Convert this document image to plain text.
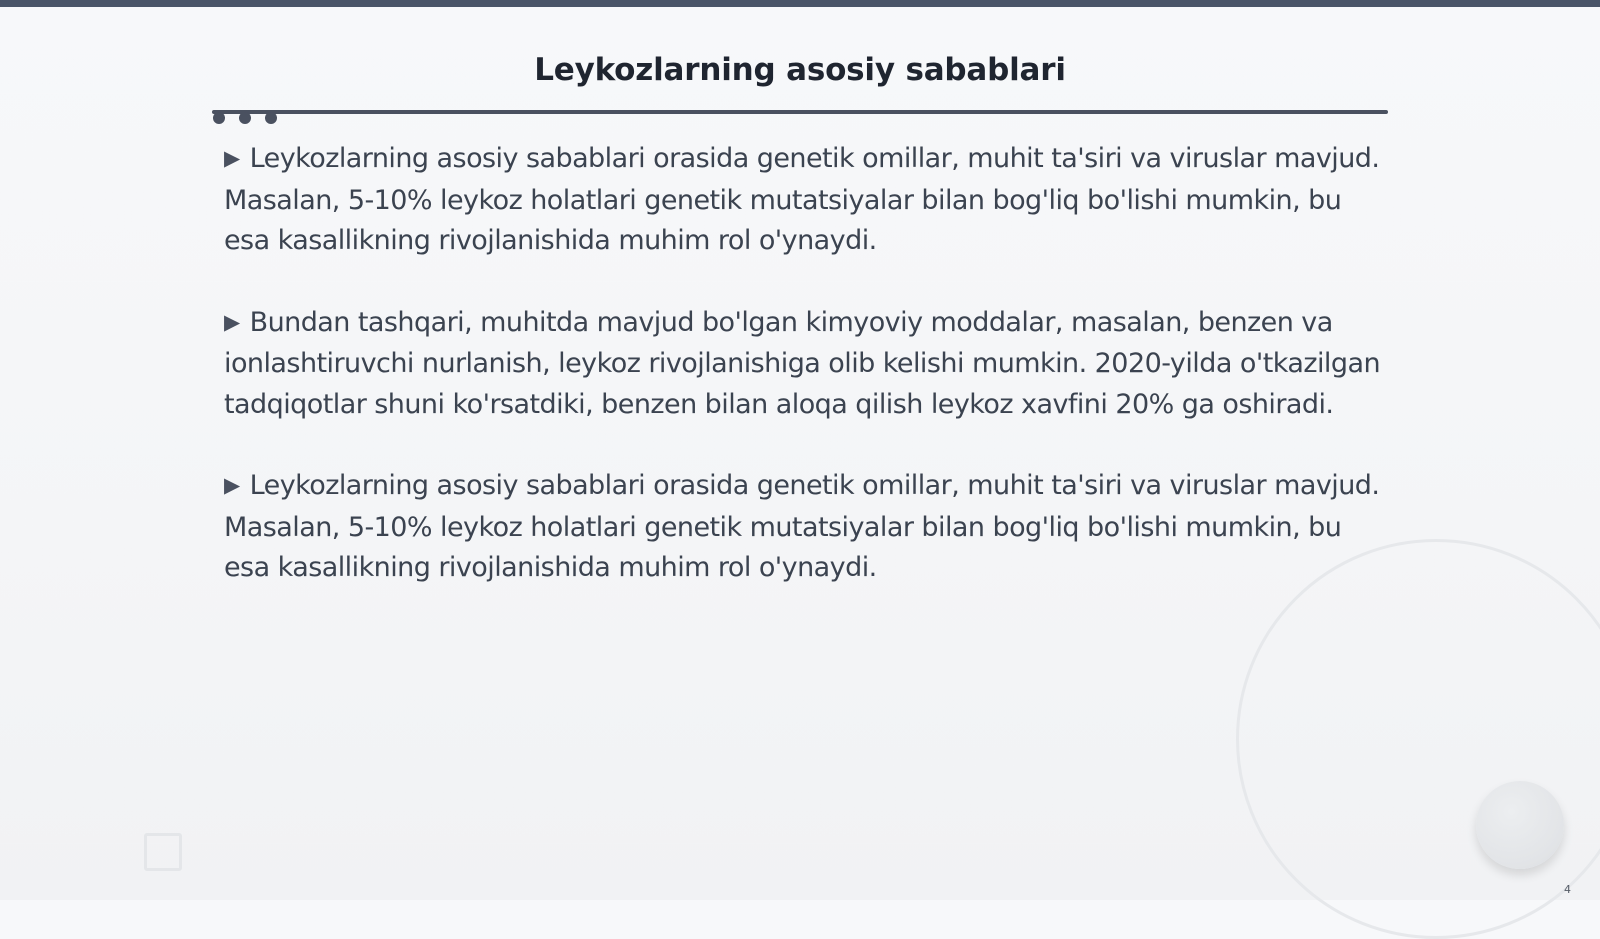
Leykozlarning asosiy sabablari

▶ Leykozlarning asosiy sabablari orasida genetik omillar, muhit ta'siri va viruslar mavjud. Masalan, 5-10% leykoz holatlari genetik mutatsiyalar bilan bog'liq bo'lishi mumkin, bu esa kasallikning rivojlanishida muhim rol o'ynaydi.

▶ Bundan tashqari, muhitda mavjud bo'lgan kimyoviy moddalar, masalan, benzen va ionlashtiruvchi nurlanish, leykoz rivojlanishiga olib kelishi mumkin. 2020-yilda o'tkazilgan tadqiqotlar shuni ko'rsatdiki, benzen bilan aloqa qilish leykoz xavfini 20% ga oshiradi.

▶ Leykozlarning asosiy sabablari orasida genetik omillar, muhit ta'siri va viruslar mavjud. Masalan, 5-10% leykoz holatlari genetik mutatsiyalar bilan bog'liq bo'lishi mumkin, bu esa kasallikning rivojlanishida muhim rol o'ynaydi.

4
